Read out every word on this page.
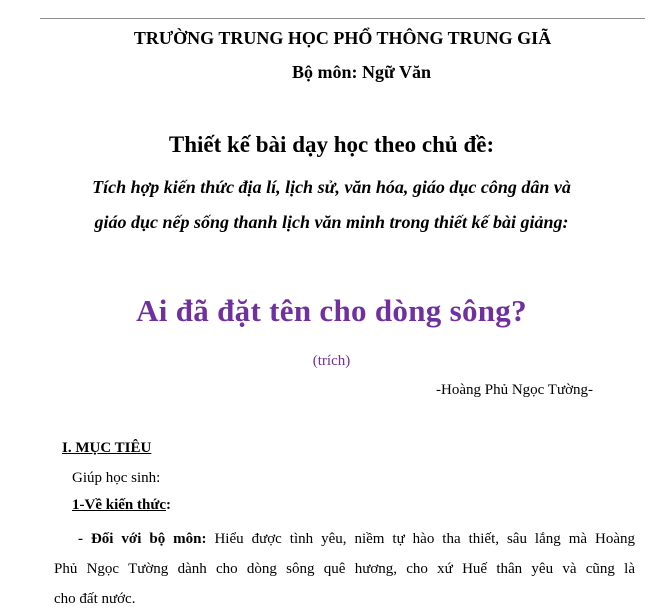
TRƯỜNG TRUNG HỌC PHỔ THÔNG TRUNG GIÃ
Bộ môn: Ngữ Văn
Thiết kế bài dạy học theo chủ đề:
Tích hợp kiến thức địa lí, lịch sử, văn hóa, giáo dục công dân và
giáo dục nếp sống thanh lịch văn minh trong thiết kế bài giảng:
Ai đã đặt tên cho dòng sông?
(trích)
-Hoàng Phủ Ngọc Tường-
I. MỤC TIÊU
Giúp học sinh:
1-Về kiến thức:
- Đối với bộ môn: Hiểu được tình yêu, niềm tự hào tha thiết, sâu lắng mà Hoàng
Phủ Ngọc Tường dành cho dòng sông quê hương, cho xứ Huế thân yêu và cũng là
cho đất nước.
